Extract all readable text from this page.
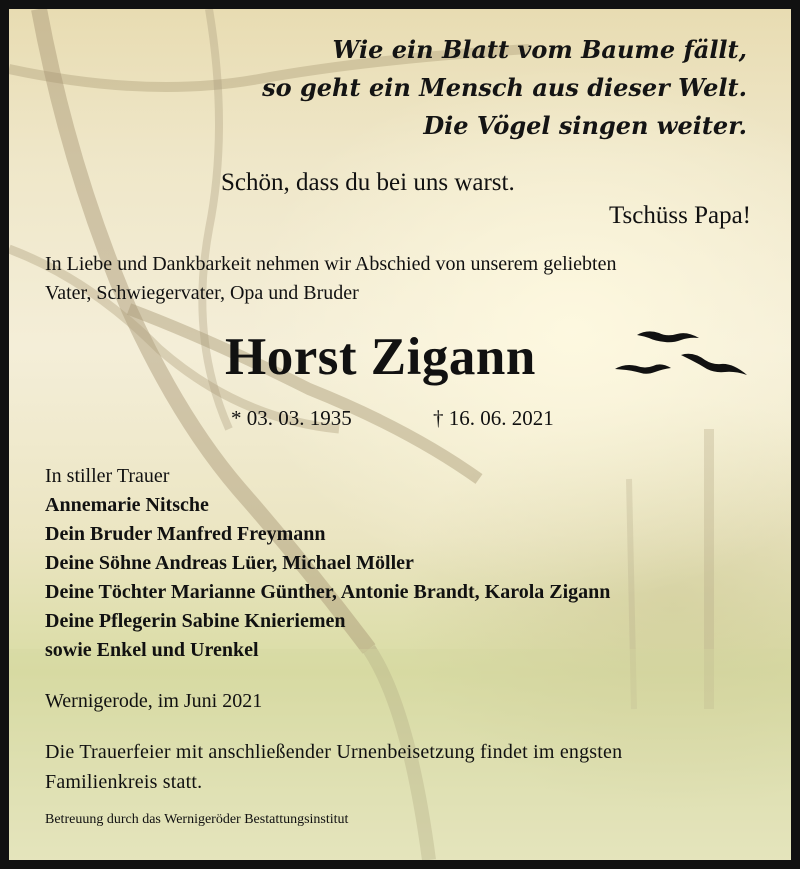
Wie ein Blatt vom Baume fällt,
so geht ein Mensch aus dieser Welt.
Die Vögel singen weiter.
Schön, dass du bei uns warst.
Tschüss Papa!
In Liebe und Dankbarkeit nehmen wir Abschied von unserem geliebten
Vater, Schwiegervater, Opa und Bruder
Horst Zigann
* 03. 03. 1935	† 16. 06. 2021
In stiller Trauer
Annemarie Nitsche
Dein Bruder Manfred Freymann
Deine Söhne Andreas Lüer, Michael Möller
Deine Töchter Marianne Günther, Antonie Brandt, Karola Zigann
Deine Pflegerin Sabine Knieriemen
sowie Enkel und Urenkel
Wernigerode, im Juni 2021
Die Trauerfeier mit anschließender Urnenbeisetzung findet im engsten
Familienkreis statt.
Betreuung durch das Wernigeröder Bestattungsinstitut
